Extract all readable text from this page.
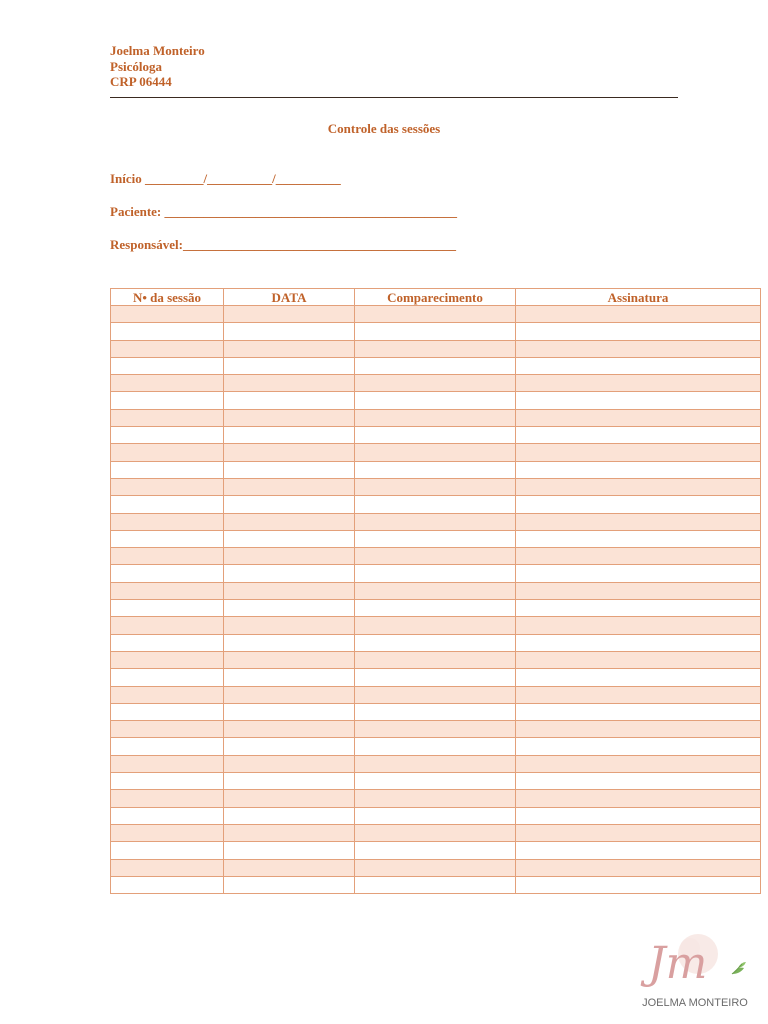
Joelma Monteiro
Psicóloga
CRP 06444
Controle das sessões
Início _________/__________/__________
Paciente: _____________________________________________
Responsável:__________________________________________
N• da sessão	DATA	Comparecimento	Assinatura

Jm
JOELMA MONTEIRO
